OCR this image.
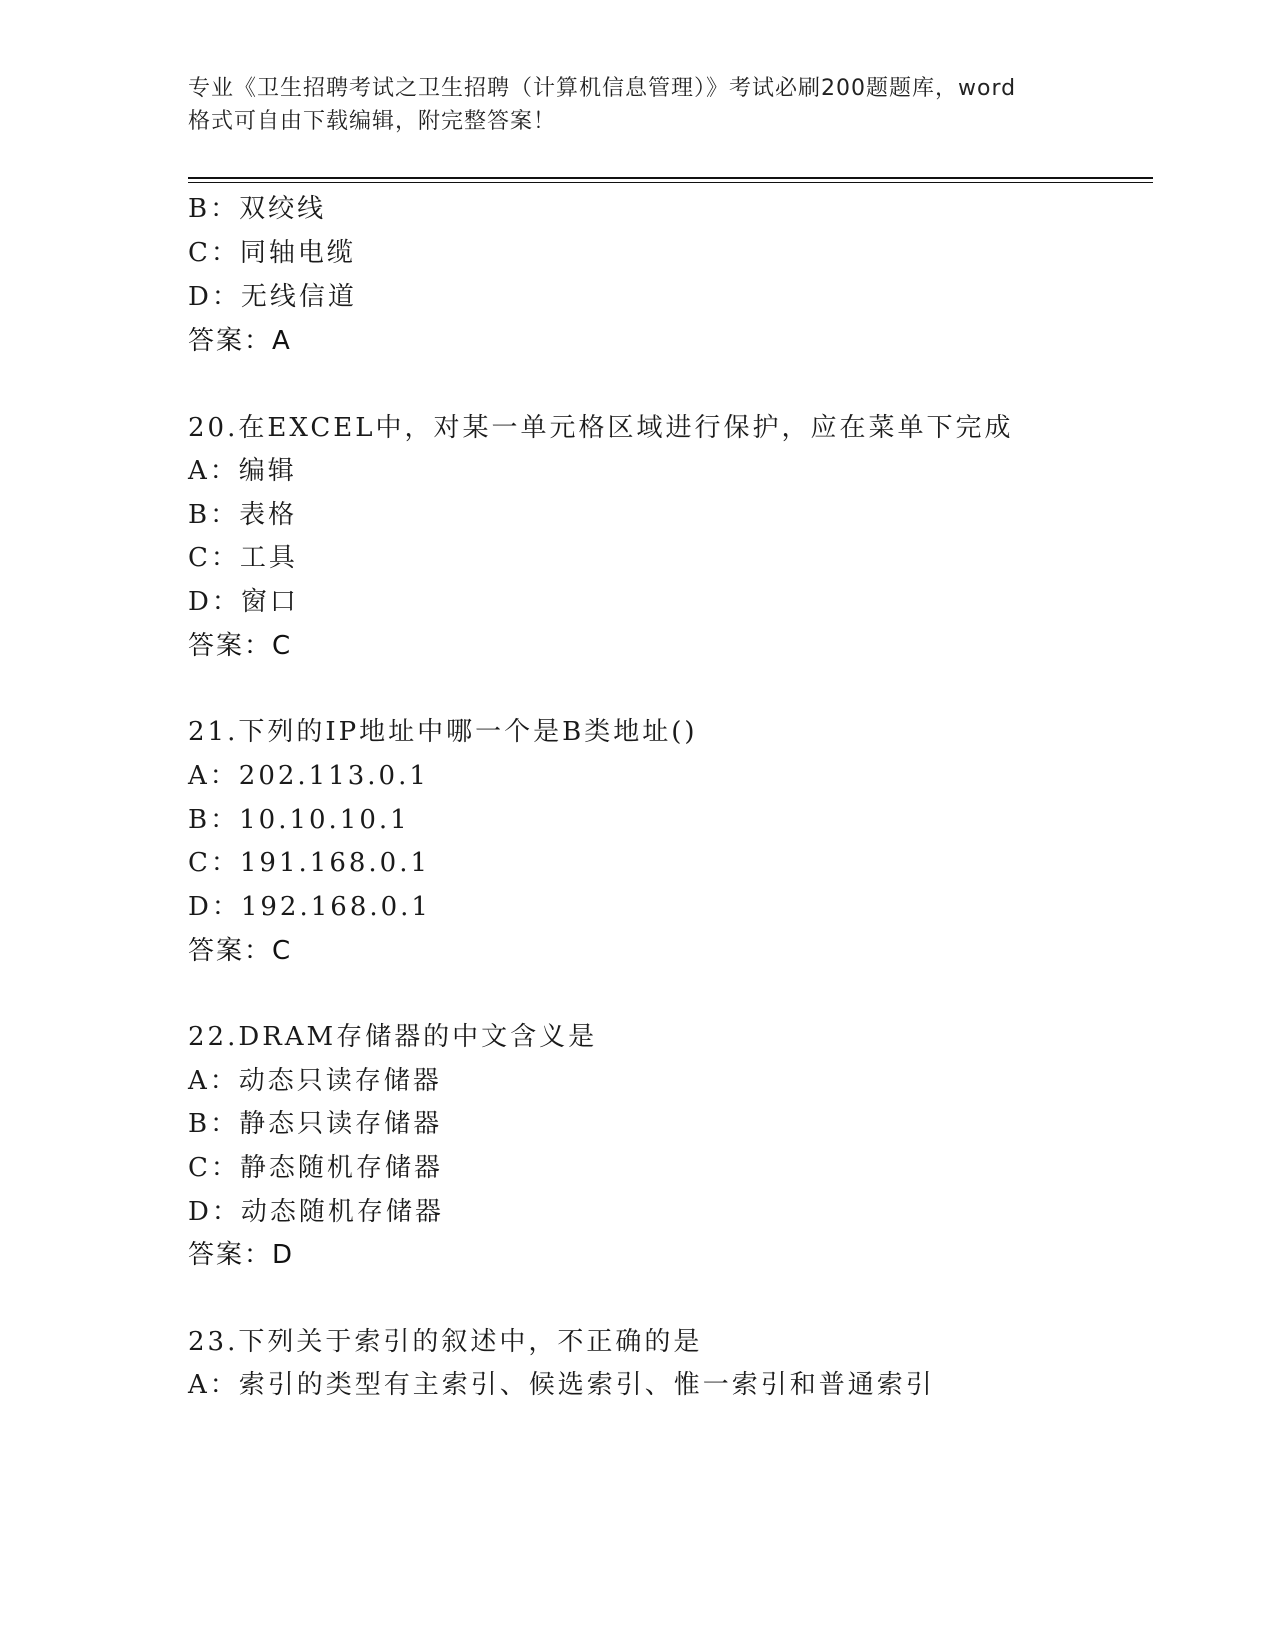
专业《卫生招聘考试之卫生招聘（计算机信息管理）》考试必刷200题题库，word
格式可自由下载编辑，附完整答案！
B：双绞线
C：同轴电缆
D：无线信道
答案：A
20.在EXCEL中，对某一单元格区域进行保护，应在菜单下完成
A：编辑
B：表格
C：工具
D：窗口
答案：C
21.下列的IP地址中哪一个是B类地址()
A：202.113.0.1
B：10.10.10.1
C：191.168.0.1
D：192.168.0.1
答案：C
22.DRAM存储器的中文含义是
A：动态只读存储器
B：静态只读存储器
C：静态随机存储器
D：动态随机存储器
答案：D
23.下列关于索引的叙述中，不正确的是
A：索引的类型有主索引、候选索引、惟一索引和普通索引
